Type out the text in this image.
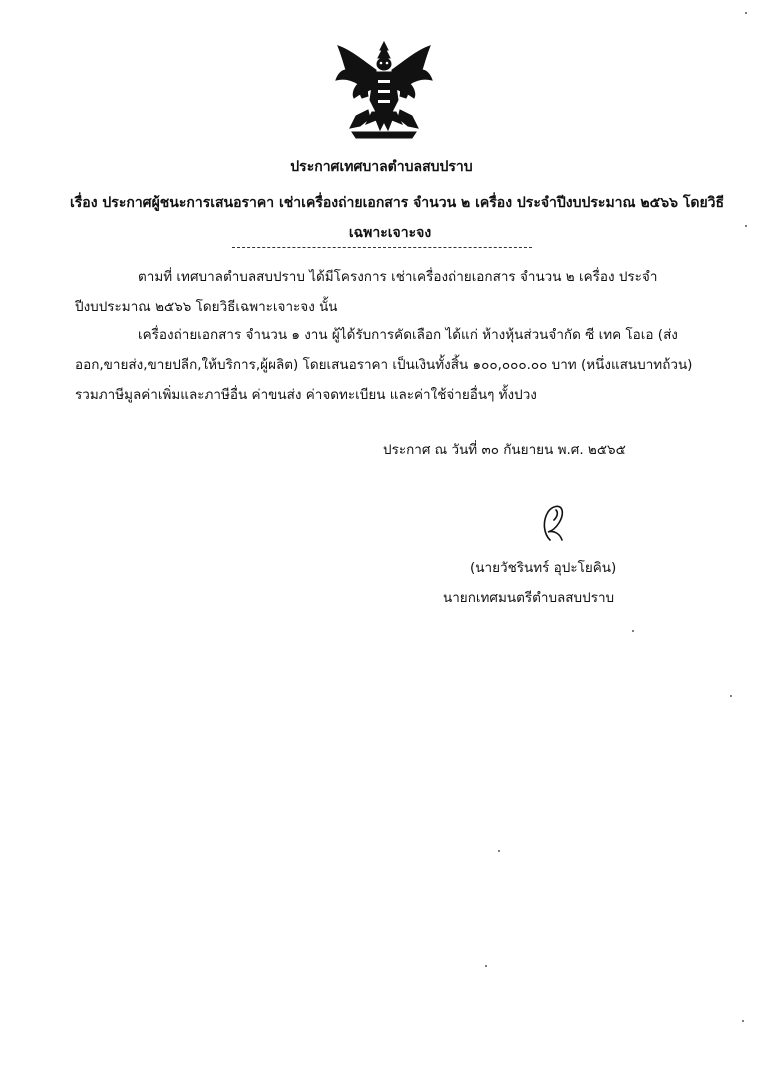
ประกาศเทศบาลตำบลสบปราบ
เรื่อง ประกาศผู้ชนะการเสนอราคา เช่าเครื่องถ่ายเอกสาร จำนวน ๒ เครื่อง ประจำปีงบประมาณ ๒๕๖๖ โดยวิธี
เฉพาะเจาะจง
ตามที่ เทศบาลตำบลสบปราบ ได้มีโครงการ เช่าเครื่องถ่ายเอกสาร จำนวน ๒ เครื่อง ประจำ
ปีงบประมาณ ๒๕๖๖ โดยวิธีเฉพาะเจาะจง นั้น
เครื่องถ่ายเอกสาร จำนวน ๑ งาน ผู้ได้รับการคัดเลือก ได้แก่ ห้างหุ้นส่วนจำกัด ซี เทค โอเอ (ส่ง
ออก,ขายส่ง,ขายปลีก,ให้บริการ,ผู้ผลิต) โดยเสนอราคา เป็นเงินทั้งสิ้น ๑๐๐,๐๐๐.๐๐ บาท (หนึ่งแสนบาทถ้วน)
รวมภาษีมูลค่าเพิ่มและภาษีอื่น ค่าขนส่ง ค่าจดทะเบียน และค่าใช้จ่ายอื่นๆ ทั้งปวง
ประกาศ ณ วันที่ ๓๐ กันยายน พ.ศ. ๒๕๖๕
(นายวัชรินทร์ อุปะโยคิน)
นายกเทศมนตรีตำบลสบปราบ
